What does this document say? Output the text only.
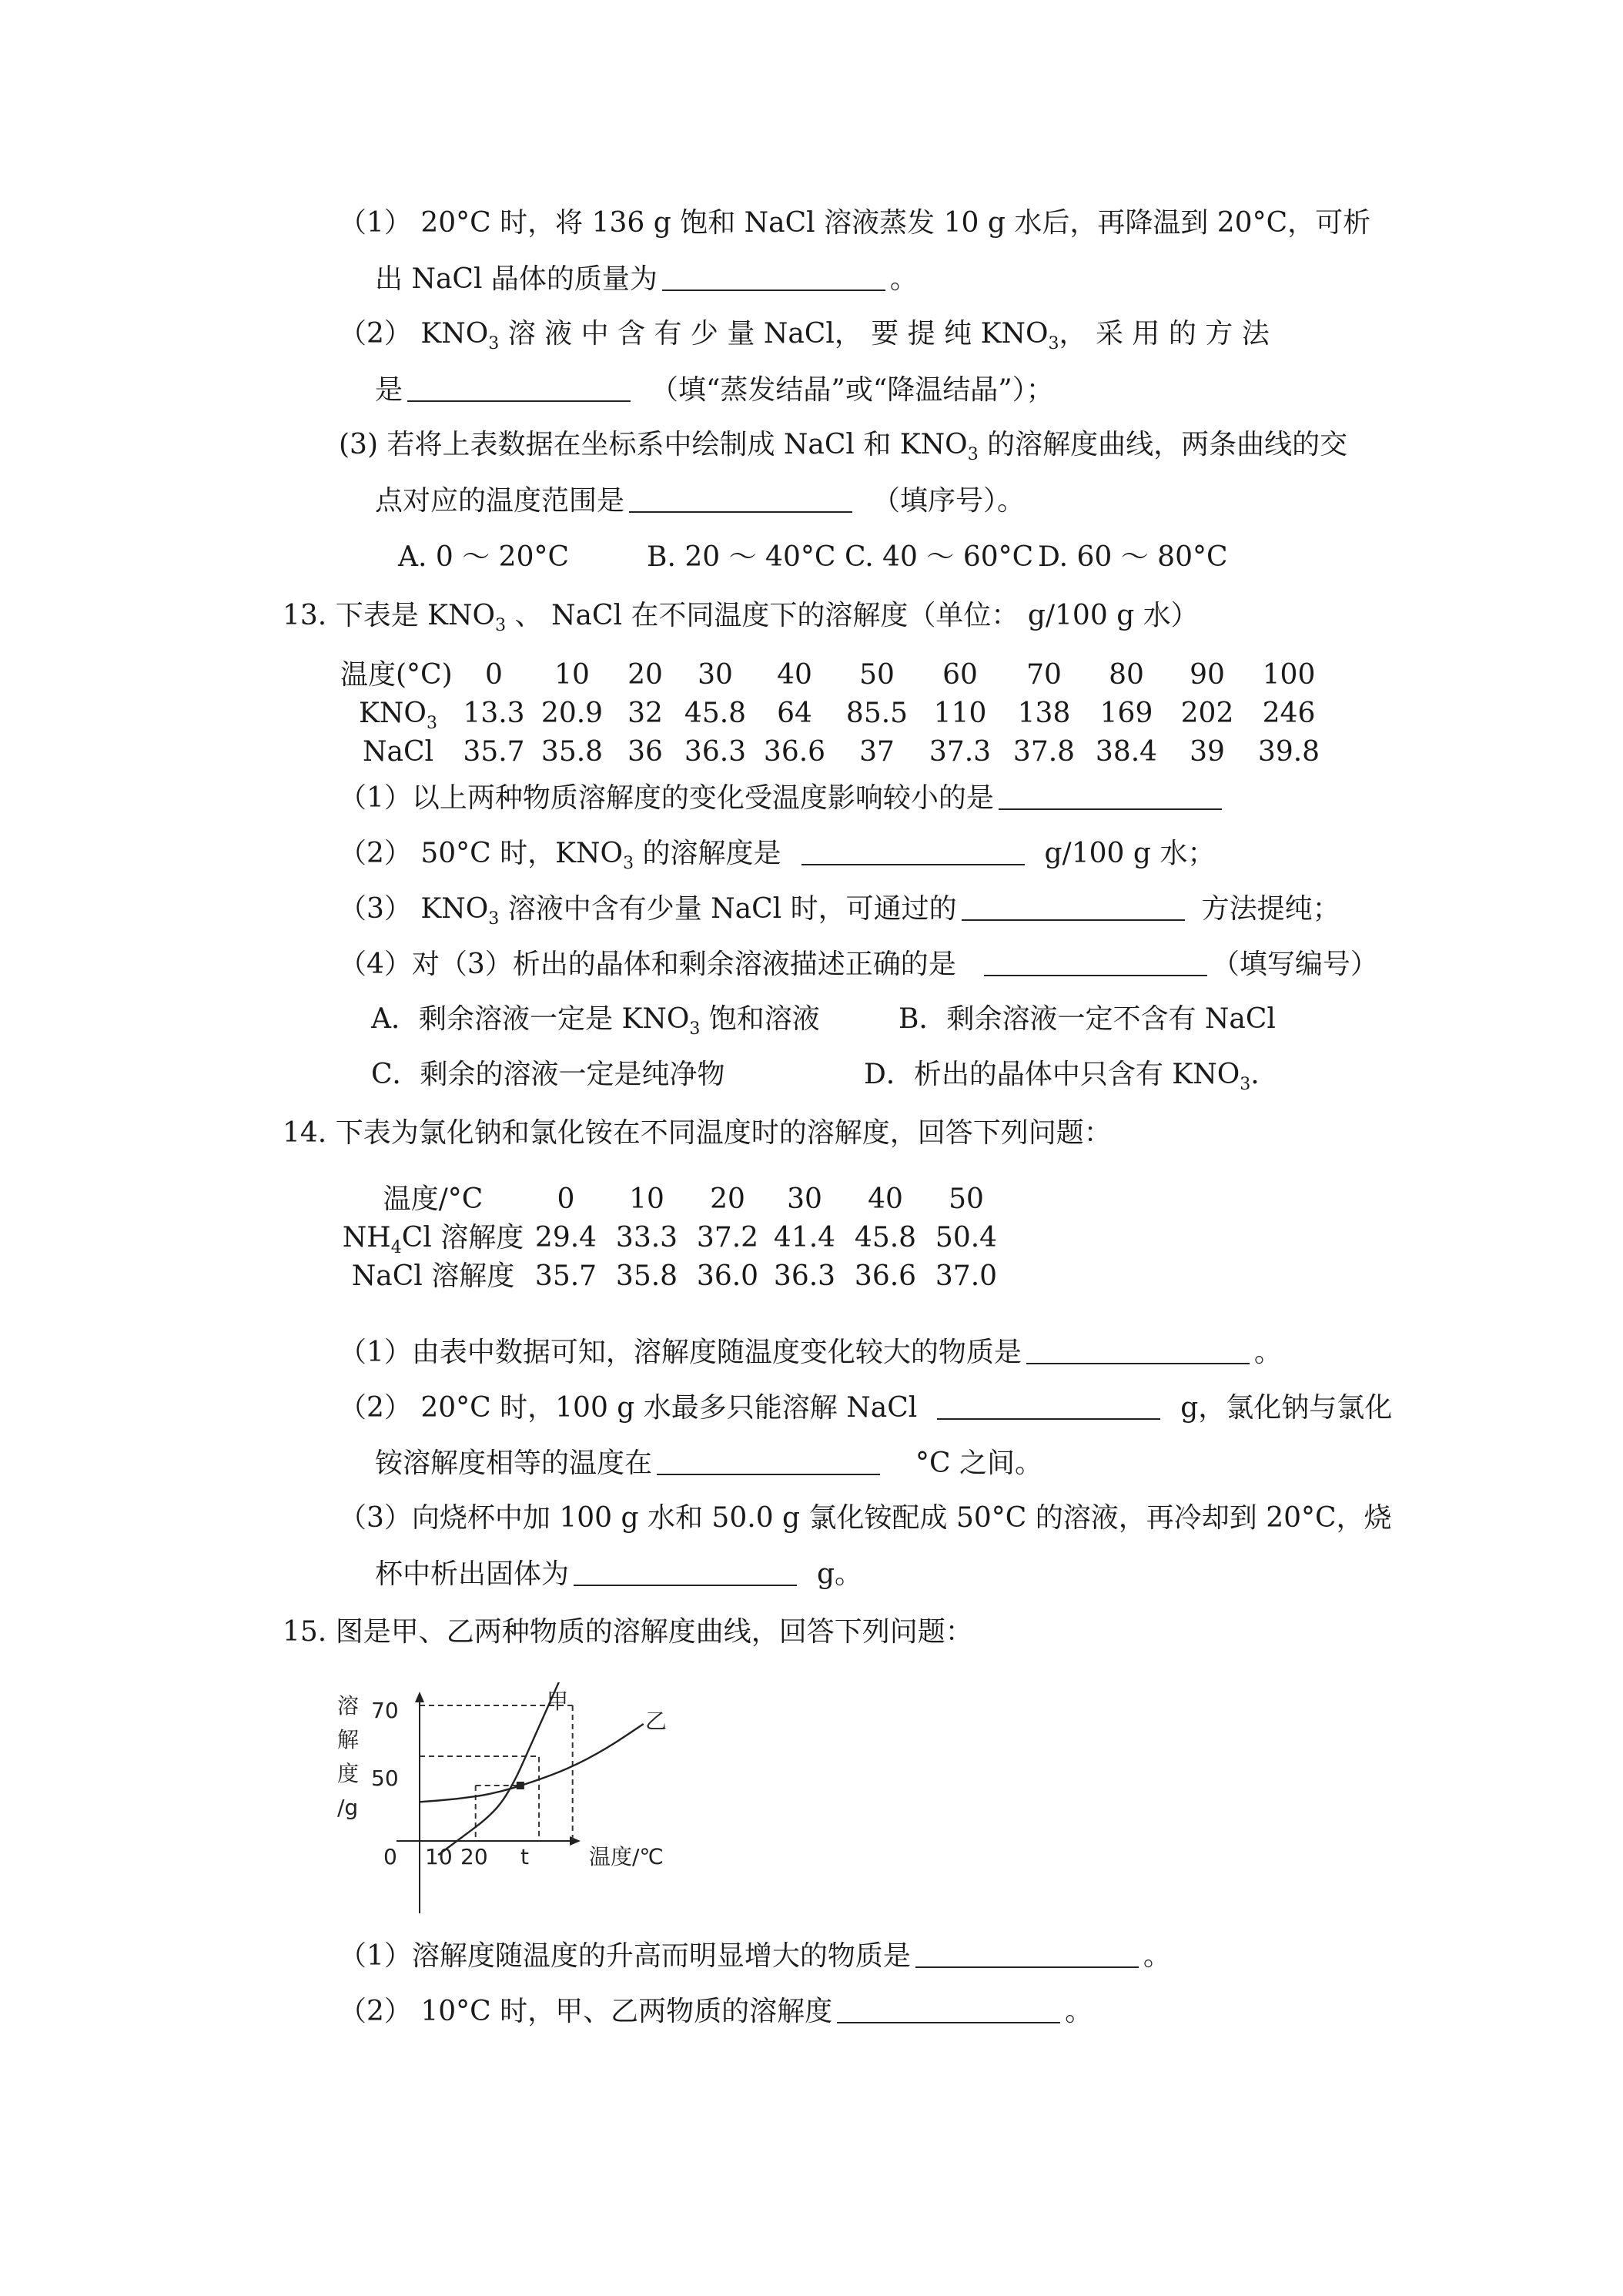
（1） 20°C 时，将 136 g 饱和 NaCl 溶液蒸发 10 g 水后，再降温到 20°C，可析
出 NaCl 晶体的质量为	。
（2） $KNO_3$ 溶 液 中 含 有 少 量 NaCl， 要 提 纯 $KNO_3$， 采 用 的 方 法
是	（填“蒸发结晶”或“降温结晶”）；
(3) 若将上表数据在坐标系中绘制成 NaCl 和 $KNO_3$ 的溶解度曲线，两条曲线的交
点对应的温度范围是	（填序号）。
A. 0 ～ 20°C	B. 20 ～ 40°C C. 40 ～ 60°C D. 60 ～ 80°C
13. 下表是 $KNO_3$ 、 NaCl 在不同温度下的溶解度（单位： g/100 g 水）
温度(°C)	0	10	20	30	40	50	60	70	80	90	100
$KNO_3$	13.3	20.9	32	45.8	64	85.5	110	138	169	202	246
NaCl	35.7	35.8	36	36.3	36.6	37	37.3	37.8	38.4	39	39.8
（1）以上两种物质溶解度的变化受温度影响较小的是
（2） 50°C 时，$KNO_3$ 的溶解度是	g/100 g 水；
（3） $KNO_3$ 溶液中含有少量 NaCl 时，可通过的	方法提纯；
（4）对（3）析出的晶体和剩余溶液描述正确的是	（填写编号）
A．剩余溶液一定是 $KNO_3$ 饱和溶液	B．剩余溶液一定不含有 NaCl
C．剩余的溶液一定是纯净物	D．析出的晶体中只含有 $KNO_3$.
14. 下表为氯化钠和氯化铵在不同温度时的溶解度，回答下列问题：
温度/°C	0	10	20	30	40	50
$NH_4Cl$ 溶解度	29.4	33.3	37.2	41.4	45.8	50.4
NaCl 溶解度	35.7	35.8	36.0	36.3	36.6	37.0
（1）由表中数据可知，溶解度随温度变化较大的物质是	。
（2） 20°C 时，100 g 水最多只能溶解 NaCl	g，氯化钠与氯化
铵溶解度相等的温度在	°C 之间。
（3）向烧杯中加 100 g 水和 50.0 g 氯化铵配成 50°C 的溶液，再冷却到 20°C，烧
杯中析出固体为	g。
15. 图是甲、乙两种物质的溶解度曲线，回答下列问题：
溶
解
度
/g
70
50
0 10 20 t	温度/℃
甲
乙
（1）溶解度随温度的升高而明显增大的物质是	。
（2） 10°C 时，甲、乙两物质的溶解度	。
